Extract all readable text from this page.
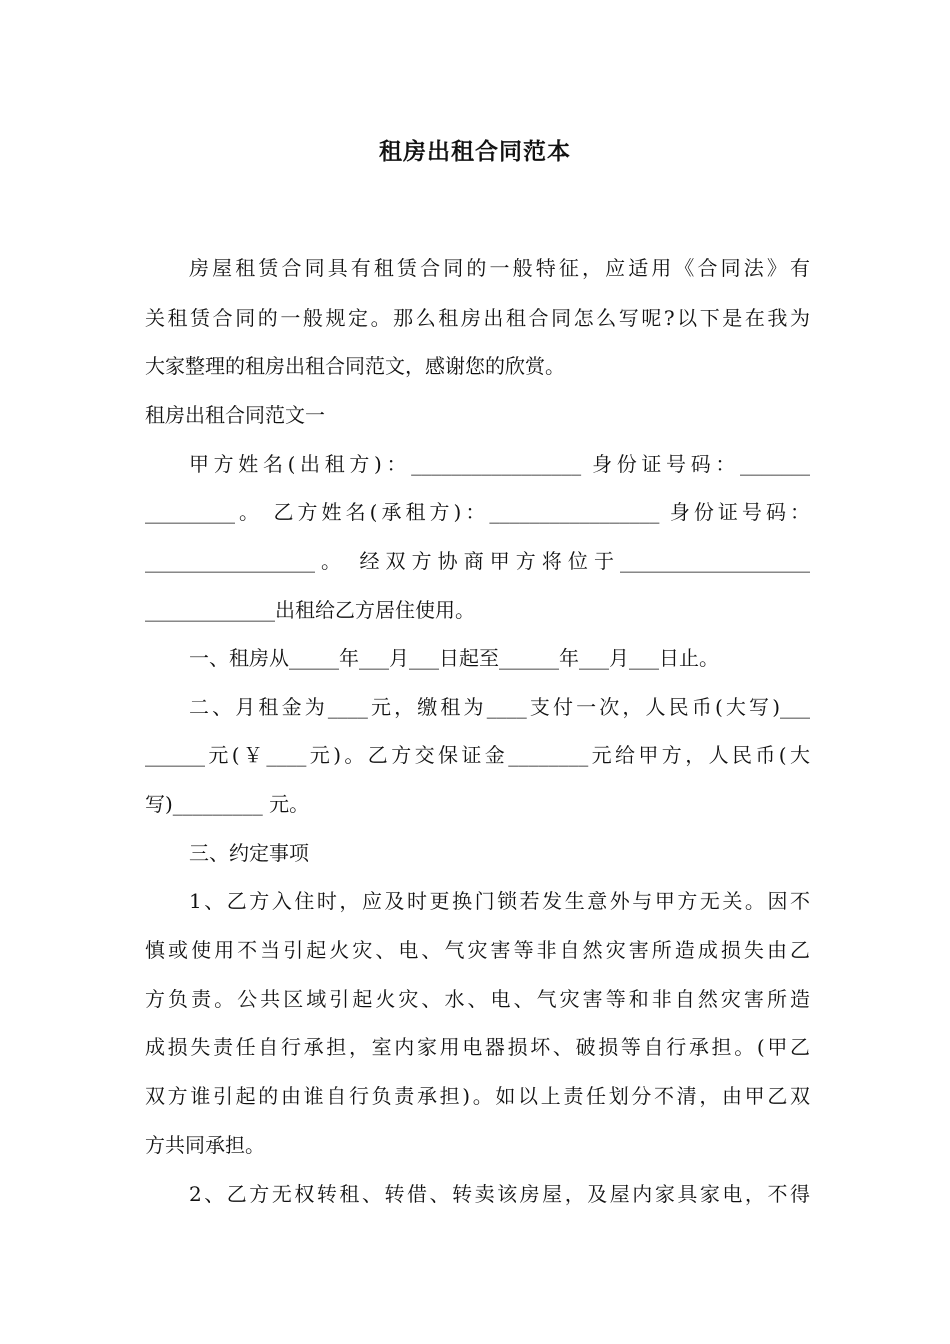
租房出租合同范本
房屋租赁合同具有租赁合同的一般特征，应适用《合同法》有
关租赁合同的一般规定。那么租房出租合同怎么写呢?以下是在我为
大家整理的租房出租合同范文，感谢您的欣赏。
租房出租合同范文一
甲方姓名(出租方)：_________________ 身份证号码：_______
_________。 乙方姓名(承租方)：_________________ 身份证号码：
_________________。 经双方协商甲方将位于___________________
_____________出租给乙方居住使用。
一、租房从_____年___月___日起至______年___月___日止。
二、月租金为____元，缴租为____支付一次，人民币(大写)___
______元(￥____元)。乙方交保证金________元给甲方，人民币(大
写)_________ 元。
三、约定事项
1、乙方入住时，应及时更换门锁若发生意外与甲方无关。因不
慎或使用不当引起火灾、电、气灾害等非自然灾害所造成损失由乙
方负责。公共区域引起火灾、水、电、气灾害等和非自然灾害所造
成损失责任自行承担，室内家用电器损坏、破损等自行承担。(甲乙
双方谁引起的由谁自行负责承担)。如以上责任划分不清，由甲乙双
方共同承担。
2、乙方无权转租、转借、转卖该房屋，及屋内家具家电，不得
